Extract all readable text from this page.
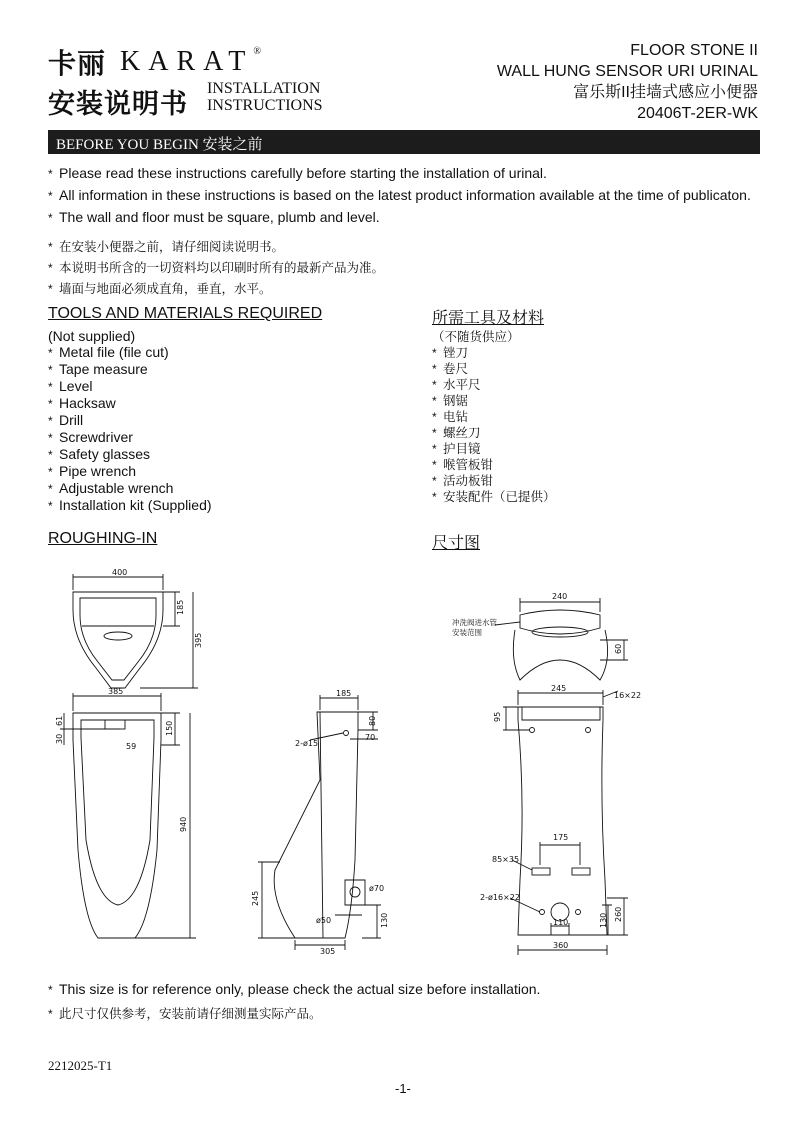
卡丽 KARAT®
安装说明书
INSTALLATION
INSTRUCTIONS
FLOOR STONE II
WALL HUNG SENSOR URI URINAL
富乐斯II挂墙式感应小便器
20406T-2ER-WK
BEFORE YOU BEGIN 安装之前
* Please read these instructions carefully before starting the installation of urinal.
* All information in these instructions is based on the latest product information available at the time of publicaton.
* The wall and floor must be square, plumb and level.
* 在安装小便器之前，请仔细阅读说明书。
* 本说明书所含的一切资料均以印刷时所有的最新产品为准。
* 墙面与地面必须成直角，垂直，水平。
TOOLS AND MATERIALS REQUIRED	所需工具及材料
(Not supplied)
* Metal file (file cut)
* Tape measure
* Level
* Hacksaw
* Drill
* Screwdriver
* Safety glasses
* Pipe wrench
* Adjustable wrench
* Installation kit (Supplied)
（不随货供应）
* 锉刀
* 卷尺
* 水平尺
* 钢锯
* 电钻
* 螺丝刀
* 护目镜
* 喉管板钳
* 活动板钳
* 安装配件（已提供）
ROUGHING-IN	尺寸图
400
185
395
385
61
30
59
150
940
185
80
70
2-ø15
245
ø70
ø50	130
305
240
冲洗阀进水管
安装范围
60
245
16×22
95
175
85×35
2-ø16×22
110	130 260
360
* This size is for reference only, please check the actual size before installation.
* 此尺寸仅供参考，安装前请仔细测量实际产品。
2212025-T1
-1-
